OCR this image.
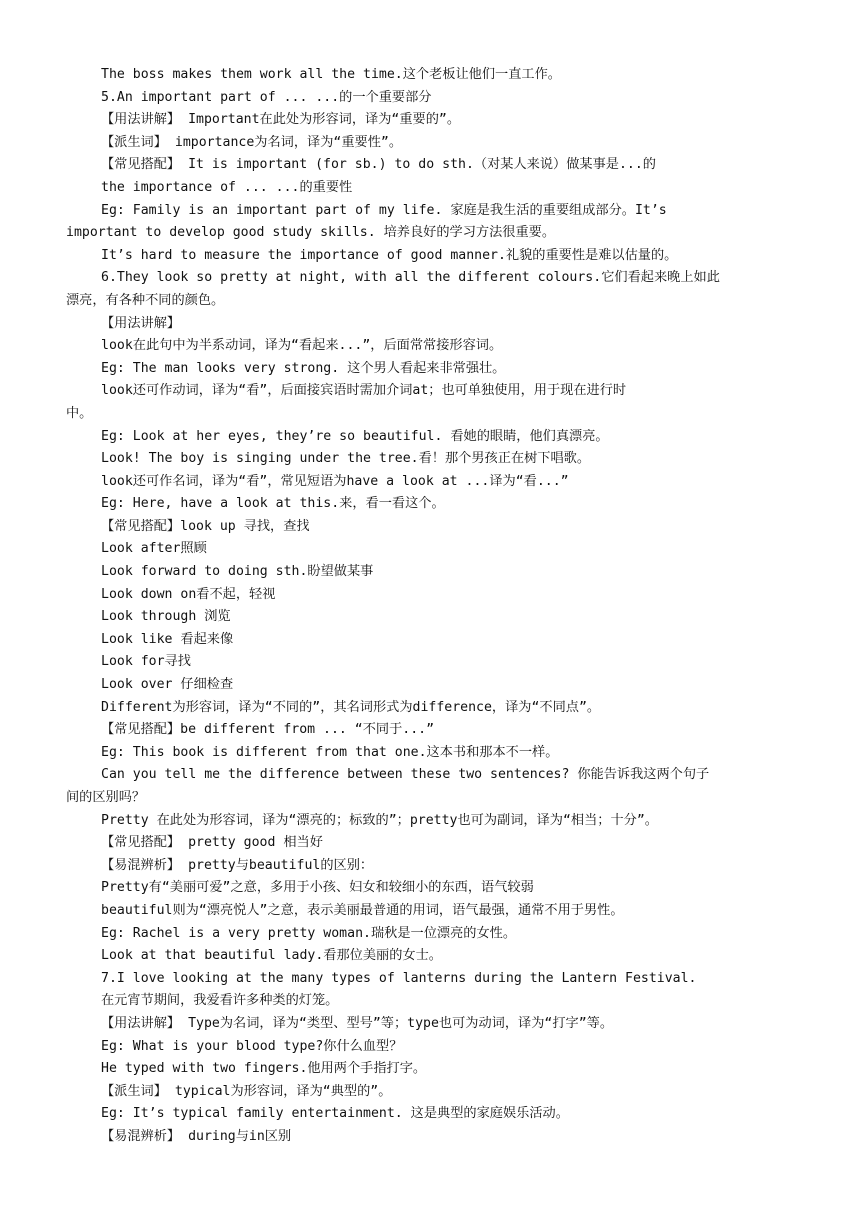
The boss makes them work all the time.这个老板让他们一直工作。
5.An important part of ... ...的一个重要部分
【用法讲解】 Important在此处为形容词，译为“重要的”。
【派生词】 importance为名词，译为“重要性”。
【常见搭配】 It is important (for sb.) to do sth.（对某人来说）做某事是...的
the importance of ... ...的重要性
Eg: Family is an important part of my life. 家庭是我生活的重要组成部分。It’s
important to develop good study skills. 培养良好的学习方法很重要。
It’s hard to measure the importance of good manner.礼貌的重要性是难以估量的。
6.They look so pretty at night, with all the different colours.它们看起来晚上如此
漂亮，有各种不同的颜色。
【用法讲解】
look在此句中为半系动词，译为“看起来...”，后面常常接形容词。
Eg: The man looks very strong. 这个男人看起来非常强壮。
look还可作动词，译为“看”，后面接宾语时需加介词at；也可单独使用，用于现在进行时
中。
Eg: Look at her eyes, they’re so beautiful. 看她的眼睛，他们真漂亮。
Look! The boy is singing under the tree.看！那个男孩正在树下唱歌。
look还可作名词，译为“看”，常见短语为have a look at ...译为“看...”
Eg: Here, have a look at this.来，看一看这个。
【常见搭配】look up 寻找，查找
Look after照顾
Look forward to doing sth.盼望做某事
Look down on看不起，轻视
Look through 浏览
Look like 看起来像
Look for寻找
Look over 仔细检查
Different为形容词，译为“不同的”，其名词形式为difference，译为“不同点”。
【常见搭配】be different from ... “不同于...”
Eg: This book is different from that one.这本书和那本不一样。
Can you tell me the difference between these two sentences? 你能告诉我这两个句子
间的区别吗？
Pretty 在此处为形容词，译为“漂亮的；标致的”；pretty也可为副词，译为“相当；十分”。
【常见搭配】 pretty good 相当好
【易混辨析】 pretty与beautiful的区别：
Pretty有“美丽可爱”之意，多用于小孩、妇女和较细小的东西，语气较弱
beautiful则为“漂亮悦人”之意，表示美丽最普通的用词，语气最强，通常不用于男性。
Eg: Rachel is a very pretty woman.瑞秋是一位漂亮的女性。
Look at that beautiful lady.看那位美丽的女士。
7.I love looking at the many types of lanterns during the Lantern Festival.
在元宵节期间，我爱看许多种类的灯笼。
【用法讲解】 Type为名词，译为“类型、型号”等；type也可为动词，译为“打字”等。
Eg: What is your blood type?你什么血型？
He typed with two fingers.他用两个手指打字。
【派生词】 typical为形容词，译为“典型的”。
Eg: It’s typical family entertainment. 这是典型的家庭娱乐活动。
【易混辨析】 during与in区别
